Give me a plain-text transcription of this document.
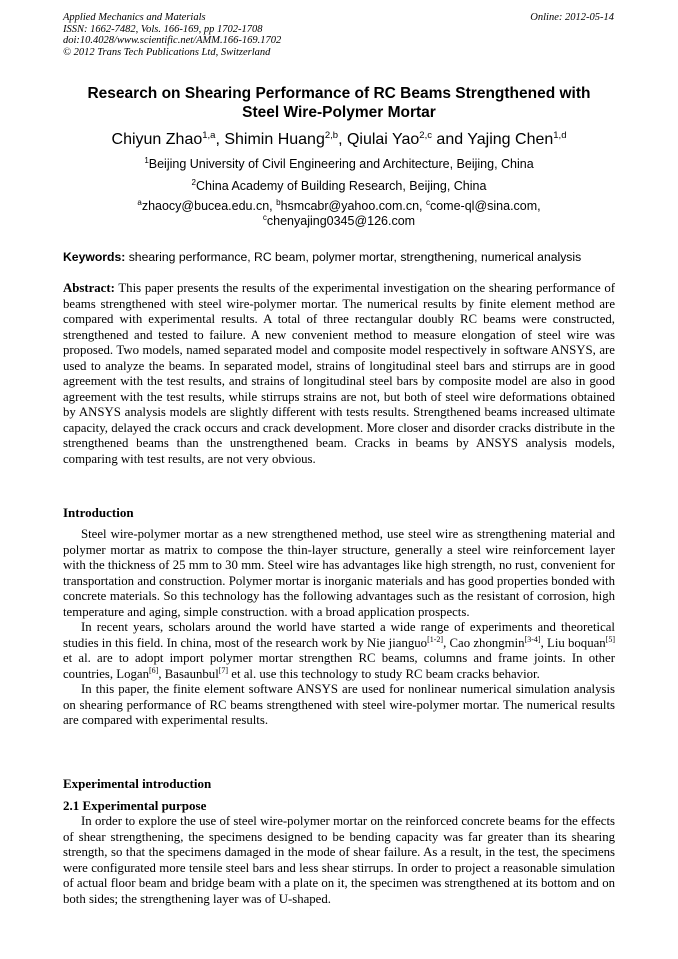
Applied Mechanics and Materials
ISSN: 1662-7482, Vols. 166-169, pp 1702-1708
doi:10.4028/www.scientific.net/AMM.166-169.1702
© 2012 Trans Tech Publications Ltd, Switzerland
Online: 2012-05-14
Research on Shearing Performance of RC Beams Strengthened with
Steel Wire-Polymer Mortar
Chiyun Zhao$^{1,a}$, Shimin Huang$^{2,b}$, Qiulai Yao$^{2,c}$ and Yajing Chen$^{1,d}$
$^1$Beijing University of Civil Engineering and Architecture, Beijing, China
$^2$China Academy of Building Research, Beijing, China
$^a$zhaocy@bucea.edu.cn, $^b$hsmcabr@yahoo.com.cn, $^c$come-ql@sina.com,
$^c$chenyajing0345@126.com
Keywords: shearing performance, RC beam, polymer mortar, strengthening, numerical analysis
Abstract: This paper presents the results of the experimental investigation on the shearing performance of beams strengthened with steel wire-polymer mortar. The numerical results by finite element method are compared with experimental results. A total of three rectangular doubly RC beams were constructed, strengthened and tested to failure. A new convenient method to measure elongation of steel wire was proposed. Two models, named separated model and composite model respectively in software ANSYS, are used to analyze the beams. In separated model, strains of longitudinal steel bars and stirrups are in good agreement with the test results, and strains of longitudinal steel bars by composite model are also in good agreement with the test results, while stirrups strains are not, but both of steel wire deformations obtained by ANSYS analysis models are slightly different with tests results. Strengthened beams increased ultimate capacity, delayed the crack occurs and crack development. More closer and disorder cracks distribute in the strengthened beams than the unstrengthened beam. Cracks in beams by ANSYS analysis models, comparing with test results, are not very obvious.
Introduction

Steel wire-polymer mortar as a new strengthened method, use steel wire as strengthening material and polymer mortar as matrix to compose the thin-layer structure, generally a steel wire reinforcement layer with the thickness of 25 mm to 30 mm. Steel wire has advantages like high strength, no rust, convenient for transportation and construction. Polymer mortar is inorganic materials and has good properties bonded with concrete materials. So this technology has the following advantages such as the resistant of corrosion, high temperature and aging, simple construction. with a broad application prospects.

In recent years, scholars around the world have started a wide range of experiments and theoretical studies in this field. In china, most of the research work by Nie jianguo[1-2], Cao zhongmin[3-4], Liu boquan[5] et al. are to adopt import polymer mortar strengthen RC beams, columns and frame joints. In other countries, Logan[6], Basaunbul[7] et al. use this technology to study RC beam cracks behavior.

In this paper, the finite element software ANSYS are used for nonlinear numerical simulation analysis on shearing performance of RC beams strengthened with steel wire-polymer mortar. The numerical results are compared with experimental results.

Experimental introduction
2.1 Experimental purpose

In order to explore the use of steel wire-polymer mortar on the reinforced concrete beams for the effects of shear strengthening, the specimens designed to be bending capacity was far greater than its shearing strength, so that the specimens damaged in the mode of shear failure. As a result, in the test, the specimens were configurated more tensile steel bars and less shear stirrups. In order to project a reasonable simulation of actual floor beam and bridge beam with a plate on it, the specimen was strengthened at its bottom and on both sides; the strengthening layer was of U-shaped.
